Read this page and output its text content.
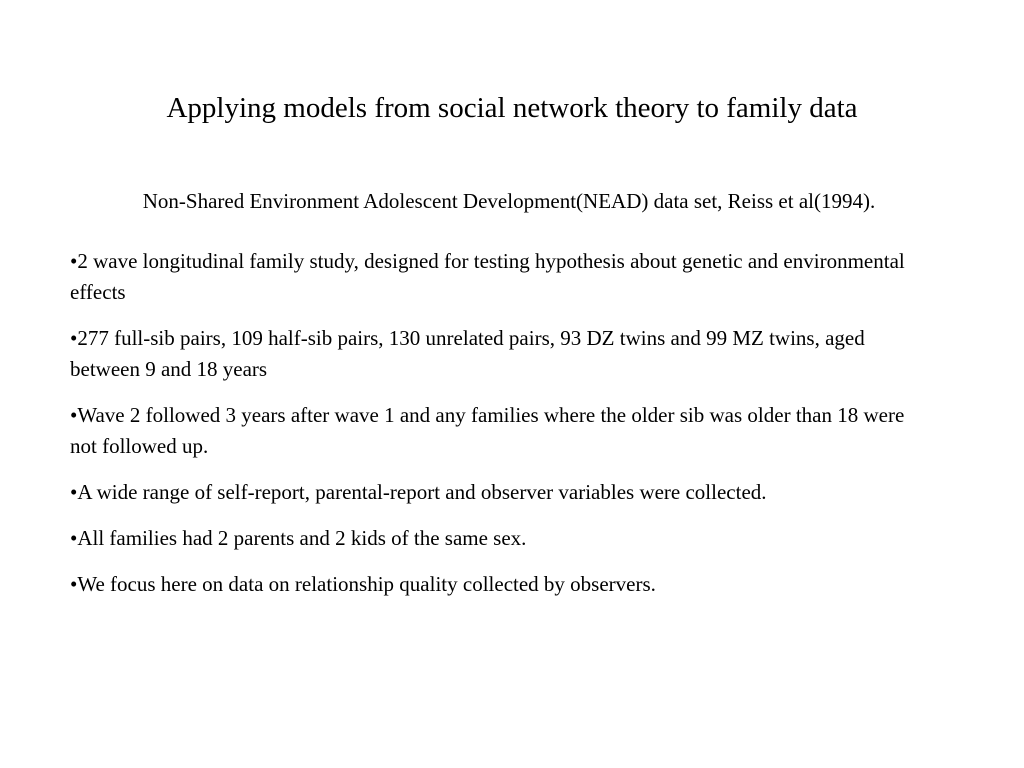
Applying models from social network theory to family data

Non-Shared Environment Adolescent Development(NEAD) data set, Reiss et al(1994).

•2 wave longitudinal family study, designed for testing hypothesis about genetic and environmental effects
•277 full-sib pairs, 109 half-sib pairs, 130 unrelated pairs, 93 DZ twins and 99 MZ twins, aged between 9 and 18 years
•Wave 2 followed 3 years after wave 1 and any families where the older sib was older than 18 were not followed up.
•A wide range of self-report, parental-report and observer variables were collected.
•All families had 2 parents and 2 kids of the same sex.
•We focus here on data on relationship quality collected by observers.
